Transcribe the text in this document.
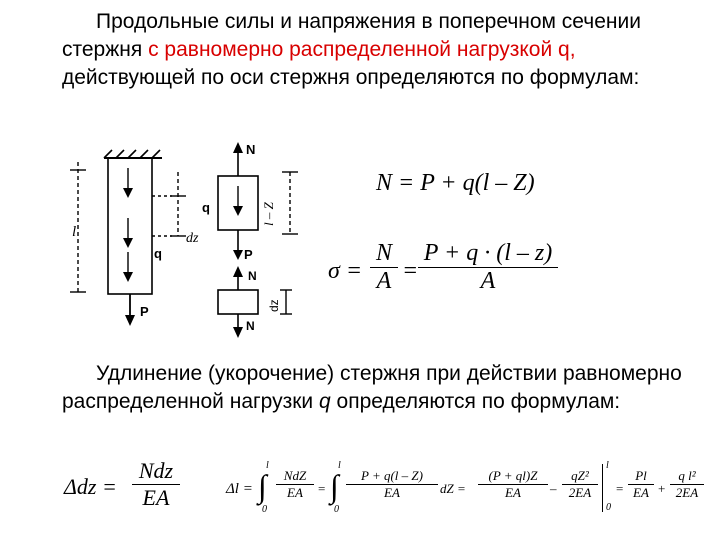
Продольные силы и напряжения в поперечном сечении стержня с равномерно распределенной нагрузкой q, действующей по оси стержня определяются по формулам:

l
q
P
N
q
dz
l – Z
P
N
dz
N
N = P + q(l – Z)
$\sigma = \frac{N}{A} = \frac{P + q \cdot (l - z)}{A}$

Удлинение (укорочение) стержня при действии равномерно распределенной нагрузки q определяются по формулам:

Δdz =
Ndz
EA	Δl = ∫
l
0
NdZ
EA	= ∫
l
0
$\frac{P + q(l - Z)}{EA}$ dZ = $\frac{(P + ql)Z}{EA} - \frac{\text{qZ²}}{2EA}$
l
0
= $\frac{Pl}{EA} + \frac{\text{q l²}}{2EA}$
